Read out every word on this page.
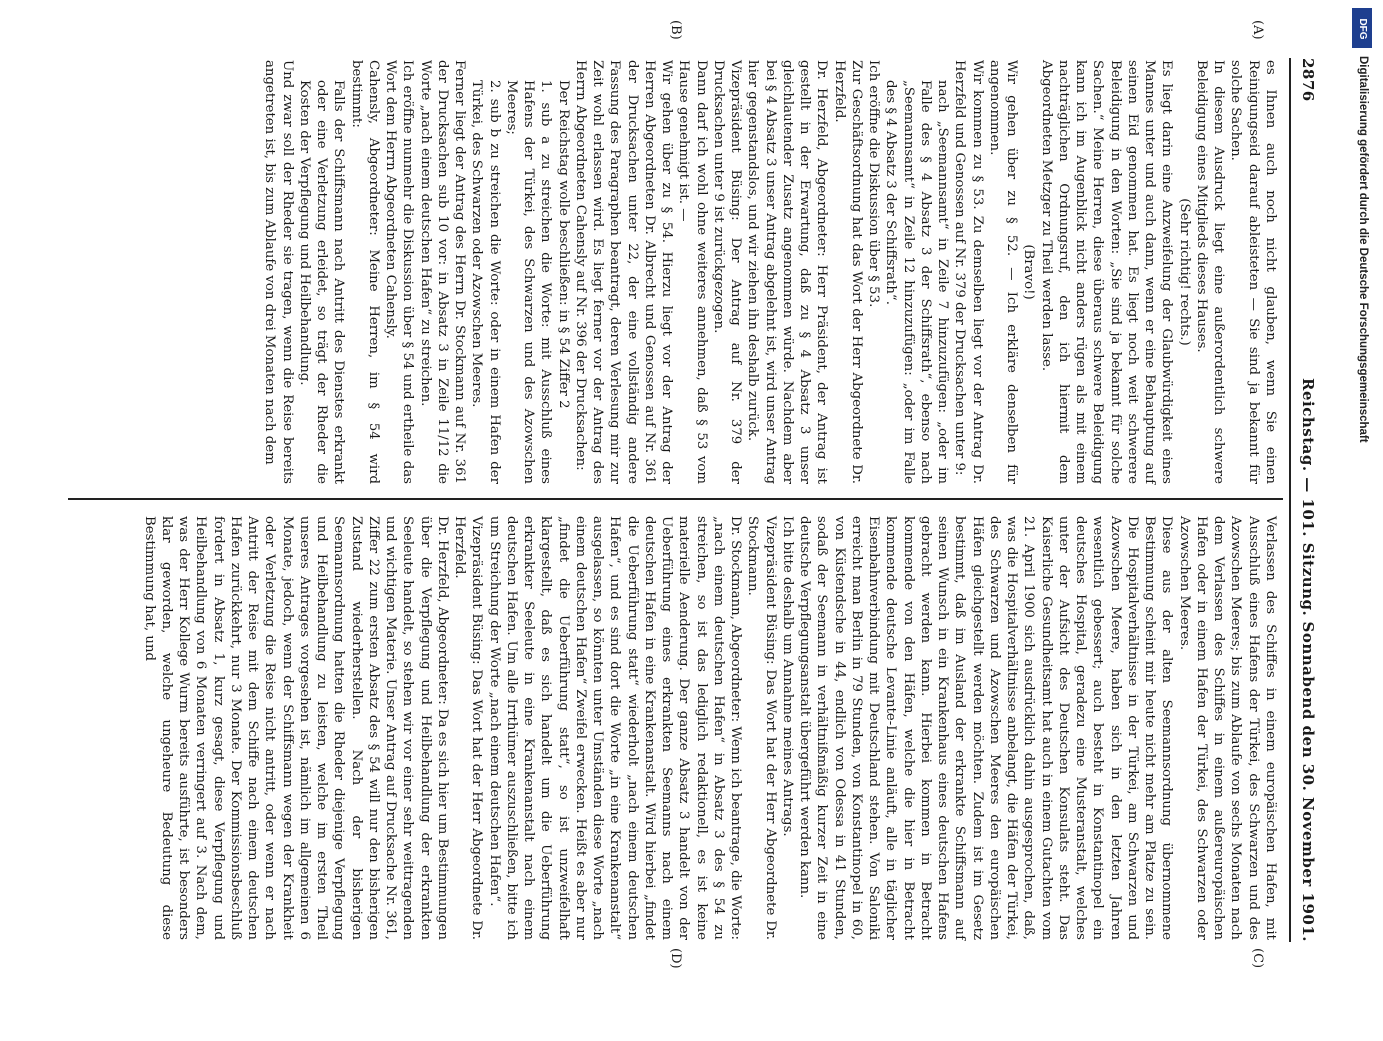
2876
Reichstag. — 101. Sitzung.
Sonnabend den 30. November 1901.
(A)
(B)
(C)
(D)

es Ihnen auch noch nicht glauben, wenn Sie einen Reinigungseid darauf ableisteten — Sie sind ja bekannt für solche Sachen.

In diesem Ausdruck liegt eine außerordentlich schwere Beleidigung eines Mitglieds dieses Hauses.

(Sehr richtig! rechts.)

Es liegt darin eine Anzweifelung der Glaubwürdigkeit eines Mannes unter und auch dann, wenn er eine Behauptung auf seinen Eid genommen hat. Es liegt noch weit schwerere Beleidigung in den Worten: „Sie sind ja bekannt für solche Sachen.“ Meine Herren, diese überaus schwere Beleidigung kann ich im Augenblick nicht anders rügen als mit einem nachträglichen Ordnungsruf, den ich hiermit dem Abgeordneten Metzger zu Theil werden lasse.

(Bravo!)

Wir gehen über zu § 52. — Ich erkläre denselben für angenommen.

Wir kommen zu § 53. Zu demselben liegt vor der Antrag Dr. Herzfeld und Genossen auf Nr. 379 der Drucksachen unter 9:

nach „Seemannsamt“ in Zeile 7 hinzuzufügen: „oder im Falle des § 4 Absatz 3 der Schiffsrath“, ebenso nach „Seemannsamt“ in Zeile 12 hinzuzufügen: „oder im Falle des § 4 Absatz 3 der Schiffsrath“.

Ich eröffne die Diskussion über § 53.

Zur Geschäftsordnung hat das Wort der Herr Abgeordnete Dr. Herzfeld.

Dr. Herzfeld, Abgeordneter: Herr Präsident, der Antrag ist gestellt in der Erwartung, daß zu § 4 Absatz 3 unser gleichlautender Zusatz angenommen würde. Nachdem aber bei § 4 Absatz 3 unser Antrag abgelehnt ist, wird unser Antrag hier gegenstandslos, und wir ziehen ihn deshalb zurück.

Vizepräsident Büsing: Der Antrag auf Nr. 379 der Drucksachen unter 9 ist zurückgezogen.

Dann darf ich wohl ohne weiteres annehmen, daß § 53 vom Hause genehmigt ist. —

Wir gehen über zu § 54. Hierzu liegt vor der Antrag der Herren Abgeordneten Dr. Albrecht und Genossen auf Nr. 361 der Drucksachen unter 22, der eine vollständig andere Fassung des Paragraphen beantragt, deren Verlesung mir zur Zeit wohl erlassen wird. Es liegt ferner vor der Antrag des Herrn Abgeordneten Cahensly auf Nr. 396 der Drucksachen:

Der Reichstag wolle beschließen: in § 54 Ziffer 2

1. sub a zu streichen die Worte: mit Ausschluß eines Hafens der Türkei, des Schwarzen und des Azowschen Meeres;

2. sub b zu streichen die Worte: oder in einem Hafen der Türkei, des Schwarzen oder Azowschen Meeres.

Ferner liegt der Antrag des Herrn Dr. Stockmann auf Nr. 361 der Drucksachen sub 10 vor: in Absatz 3 in Zeile 11/12 die Worte „nach einem deutschen Hafen“ zu streichen.

Ich eröffne nunmehr die Diskussion über § 54 und ertheile das Wort dem Herrn Abgeordneten Cahensly.

Cahensly, Abgeordneter: Meine Herren, im § 54 wird bestimmt:

Falls der Schiffsmann nach Antritt des Dienstes erkrankt oder eine Verletzung erleidet, so trägt der Rheder die Kosten der Verpflegung und Heilbehandlung.

Und zwar soll der Rheder sie tragen, wenn die Reise bereits angetreten ist, bis zum Ablaufe von drei Monaten nach dem

Verlassen des Schiffes in einem europäischen Hafen, mit Ausschluß eines Hafens der Türkei, des Schwarzen und des Azowschen Meeres; bis zum Ablaufe von sechs Monaten nach dem Verlassen des Schiffes in einem außereuropäischen Hafen oder in einem Hafen der Türkei, des Schwarzen oder Azowschen Meeres.

Diese aus der alten Seemannsordnung übernommene Bestimmung scheint mir heute nicht mehr am Platze zu sein. Die Hospitalverhältnisse in der Türkei, am Schwarzen und Azowschen Meere, haben sich in den letzten Jahren wesentlich gebessert; auch besteht in Konstantinopel ein deutsches Hospital, geradezu eine Musteranstalt, welches unter der Aufsicht des Deutschen Konsulats steht. Das Kaiserliche Gesundheitsamt hat auch in einem Gutachten vom 21. April 1900 sich ausdrücklich dahin ausgesprochen, daß, was die Hospitalverhältnisse anbelangt, die Häfen der Türkei, des Schwarzen und Azowschen Meeres den europäischen Häfen gleichgestellt werden möchten. Zudem ist im Gesetz bestimmt, daß im Ausland der erkrankte Schiffsmann auf seinen Wunsch in ein Krankenhaus eines deutschen Hafens gebracht werden kann. Hierbei kommen in Betracht kommende von den Häfen, welche die hier in Betracht kommende deutsche Levante-Linie anläuft, alle in täglicher Eisenbahnverbindung mit Deutschland stehen. Von Saloniki erreicht man Berlin in 79 Stunden, von Konstantinopel in 60, von Küstendsche in 44, endlich von Odessa in 41 Stunden, sodaß der Seemann in verhältnißmäßig kurzer Zeit in eine deutsche Verpflegungsanstalt übergeführt werden kann.

Ich bitte deshalb um Annahme meines Antrags.

Vizepräsident Büsing: Das Wort hat der Herr Abgeordnete Dr. Stockmann.

Dr. Stockmann, Abgeordneter: Wenn ich beantrage, die Worte: „nach einem deutschen Hafen“ in Absatz 3 des § 54 zu streichen, so ist das lediglich redaktionell, es ist keine materielle Aenderung. Der ganze Absatz 3 handelt von der Ueberführung eines erkrankten Seemanns nach einem deutschen Hafen in eine Krankenanstalt. Wird hierbei „findet die Ueberführung statt“ wiederholt „nach einem deutschen Hafen“, und es sind dort die Worte „in eine Krankenanstalt“ ausgelassen, so könnten unter Umständen diese Worte „nach einem deutschen Hafen“ Zweifel erwecken. Heißt es aber nur „findet die Ueberführung statt“, so ist unzweifelhaft klargestellt, daß es sich handelt um die Ueberführung erkrankter Seeleute in eine Krankenanstalt nach einem deutschen Hafen. Um alle Irrthümer auszuschließen, bitte ich um Streichung der Worte „nach einem deutschen Hafen“.

Vizepräsident Büsing: Das Wort hat der Herr Abgeordnete Dr. Herzfeld.

Dr. Herzfeld, Abgeordneter: Da es sich hier um Bestimmungen über die Verpflegung und Heilbehandlung der erkrankten Seeleute handelt, so stehen wir vor einer sehr weittragenden und wichtigen Materie. Unser Antrag auf Drucksache Nr. 361, Ziffer 22 zum ersten Absatz des § 54 will nur den bisherigen Zustand wiederherstellen. Nach der bisherigen Seemannsordnung hatten die Rheder diejenige Verpflegung und Heilbehandlung zu leisten, welche im ersten Theil unseres Antrages vorgesehen ist, nämlich im allgemeinen 6 Monate, jedoch, wenn der Schiffsmann wegen der Krankheit oder Verletzung die Reise nicht antritt, oder wenn er nach Antritt der Reise mit dem Schiffe nach einem deutschen Hafen zurückkehrt, nur 3 Monate. Der Kommissionsbeschluß fordert in Absatz 1, kurz gesagt, diese Verpflegung und Heilbehandlung von 6 Monaten verringert auf 3. Nach dem, was der Herr Kollege Wurm bereits ausführte, ist besonders klar geworden, welche ungeheure Bedeutung diese Bestimmung hat, und

DFG
Digitalisierung gefördert durch die Deutsche Forschungsgemeinschaft
